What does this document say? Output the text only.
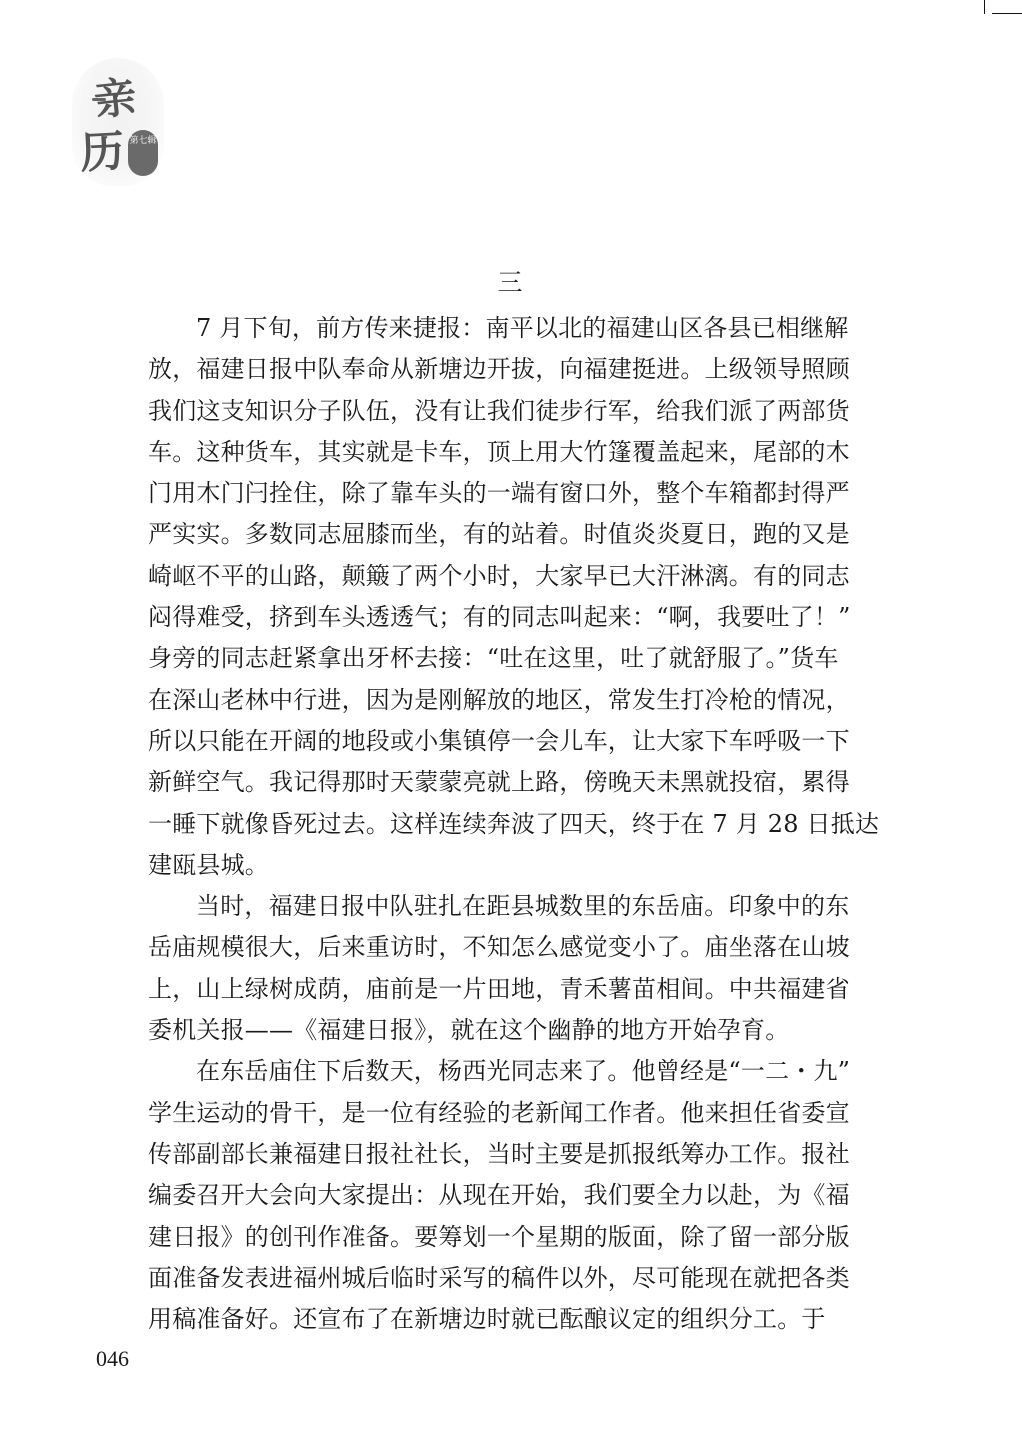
亲
历 第七辑
三
7 月下旬，前方传来捷报：南平以北的福建山区各县已相继解
放，福建日报中队奉命从新塘边开拔，向福建挺进。上级领导照顾
我们这支知识分子队伍，没有让我们徒步行军，给我们派了两部货
车。这种货车，其实就是卡车，顶上用大竹篷覆盖起来，尾部的木
门用木门闩拴住，除了靠车头的一端有窗口外，整个车箱都封得严
严实实。多数同志屈膝而坐，有的站着。时值炎炎夏日，跑的又是
崎岖不平的山路，颠簸了两个小时，大家早已大汗淋漓。有的同志
闷得难受，挤到车头透透气；有的同志叫起来：“啊，我要吐了！”
身旁的同志赶紧拿出牙杯去接：“吐在这里，吐了就舒服了。”货车
在深山老林中行进，因为是刚解放的地区，常发生打冷枪的情况，
所以只能在开阔的地段或小集镇停一会儿车，让大家下车呼吸一下
新鲜空气。我记得那时天蒙蒙亮就上路，傍晚天未黑就投宿，累得
一睡下就像昏死过去。这样连续奔波了四天，终于在 7 月 28 日抵达
建瓯县城。
当时，福建日报中队驻扎在距县城数里的东岳庙。印象中的东
岳庙规模很大，后来重访时，不知怎么感觉变小了。庙坐落在山坡
上，山上绿树成荫，庙前是一片田地，青禾薯苗相间。中共福建省
委机关报——《福建日报》，就在这个幽静的地方开始孕育。
在东岳庙住下后数天，杨西光同志来了。他曾经是“一二・九”
学生运动的骨干，是一位有经验的老新闻工作者。他来担任省委宣
传部副部长兼福建日报社社长，当时主要是抓报纸筹办工作。报社
编委召开大会向大家提出：从现在开始，我们要全力以赴，为《福
建日报》的创刊作准备。要筹划一个星期的版面，除了留一部分版
面准备发表进福州城后临时采写的稿件以外，尽可能现在就把各类
用稿准备好。还宣布了在新塘边时就已酝酿议定的组织分工。于
046
